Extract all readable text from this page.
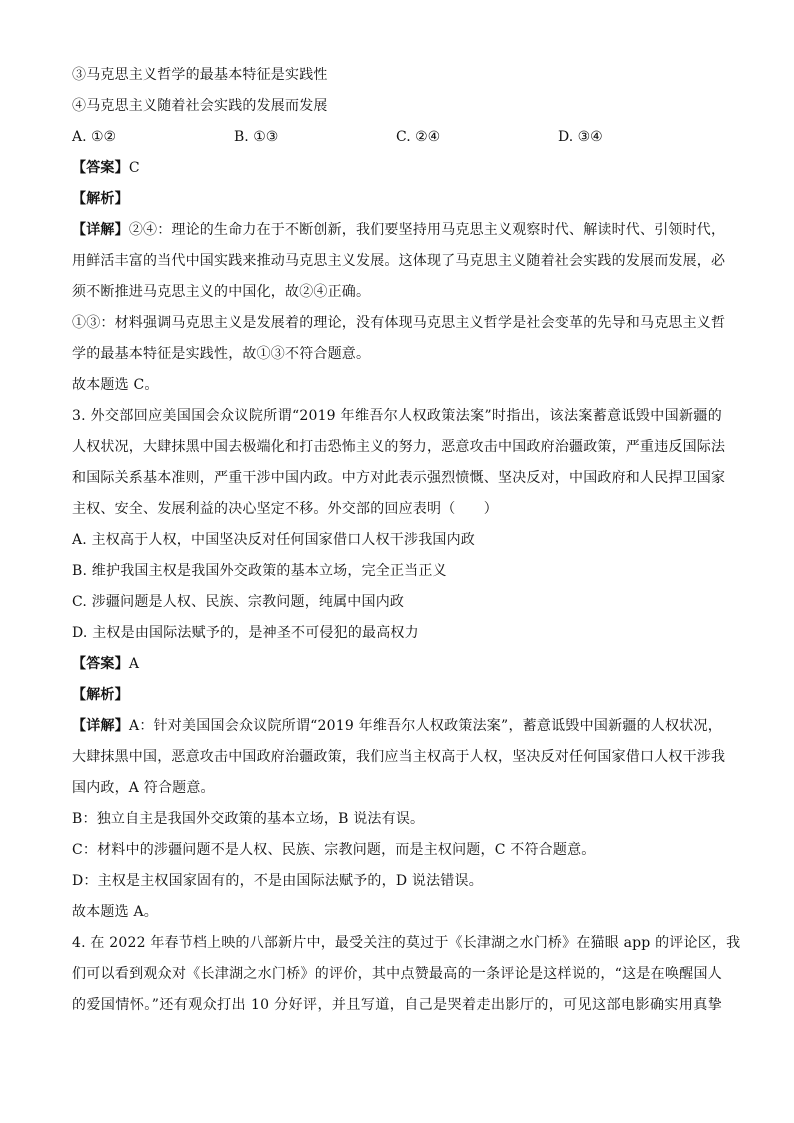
③马克思主义哲学的最基本特征是实践性
④马克思主义随着社会实践的发展而发展
A. ①②	B. ①③	C. ②④	D. ③④
【答案】C
【解析】
【详解】②④：理论的生命力在于不断创新，我们要坚持用马克思主义观察时代、解读时代、引领时代，
用鲜活丰富的当代中国实践来推动马克思主义发展。这体现了马克思主义随着社会实践的发展而发展，必
须不断推进马克思主义的中国化，故②④正确。
①③：材料强调马克思主义是发展着的理论，没有体现马克思主义哲学是社会变革的先导和马克思主义哲
学的最基本特征是实践性，故①③不符合题意。
故本题选 C。
3. 外交部回应美国国会众议院所谓“2019 年维吾尔人权政策法案”时指出，该法案蓄意诋毁中国新疆的
人权状况，大肆抹黑中国去极端化和打击恐怖主义的努力，恶意攻击中国政府治疆政策，严重违反国际法
和国际关系基本准则，严重干涉中国内政。中方对此表示强烈愤慨、坚决反对，中国政府和人民捍卫国家
主权、安全、发展利益的决心坚定不移。外交部的回应表明（　　）
A. 主权高于人权，中国坚决反对任何国家借口人权干涉我国内政
B. 维护我国主权是我国外交政策的基本立场，完全正当正义
C. 涉疆问题是人权、民族、宗教问题，纯属中国内政
D. 主权是由国际法赋予的，是神圣不可侵犯的最高权力
【答案】A
【解析】
【详解】A：针对美国国会众议院所谓“2019 年维吾尔人权政策法案”，蓄意诋毁中国新疆的人权状况，
大肆抹黑中国，恶意攻击中国政府治疆政策，我们应当主权高于人权，坚决反对任何国家借口人权干涉我
国内政，A 符合题意。
B：独立自主是我国外交政策的基本立场，B 说法有误。
C：材料中的涉疆问题不是人权、民族、宗教问题，而是主权问题，C 不符合题意。
D：主权是主权国家固有的，不是由国际法赋予的，D 说法错误。
故本题选 A。
4. 在 2022 年春节档上映的八部新片中，最受关注的莫过于《长津湖之水门桥》在猫眼 app 的评论区，我
们可以看到观众对《长津湖之水门桥》的评价，其中点赞最高的一条评论是这样说的，“这是在唤醒国人
的爱国情怀。”还有观众打出 10 分好评，并且写道，自己是哭着走出影厅的，可见这部电影确实用真挚
